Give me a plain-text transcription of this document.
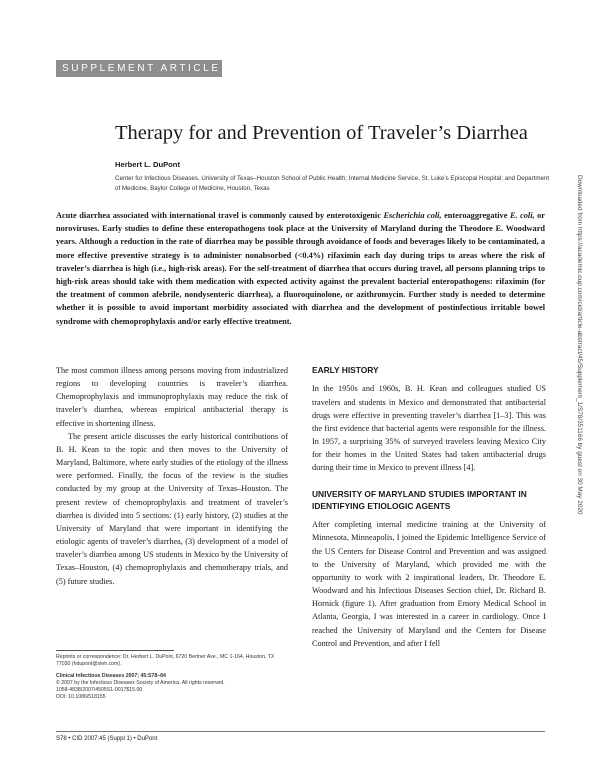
SUPPLEMENT ARTICLE
Therapy for and Prevention of Traveler’s Diarrhea
Herbert L. DuPont
Center for Infectious Diseases, University of Texas–Houston School of Public Health; Internal Medicine Service, St. Luke’s Episcopal Hospital; and Department of Medicine, Baylor College of Medicine, Houston, Texas
Acute diarrhea associated with international travel is commonly caused by enterotoxigenic Escherichia coli, enteroaggregative E. coli, or noroviruses. Early studies to define these enteropathogens took place at the University of Maryland during the Theodore E. Woodward years. Although a reduction in the rate of diarrhea may be possible through avoidance of foods and beverages likely to be contaminated, a more effective preventive strategy is to administer nonabsorbed (<0.4%) rifaximin each day during trips to areas where the risk of traveler’s diarrhea is high (i.e., high-risk areas). For the self-treatment of diarrhea that occurs during travel, all persons planning trips to high-risk areas should take with them medication with expected activity against the prevalent bacterial enteropathogens: rifaximin (for the treatment of common afebrile, nondysenteric diarrhea), a fluoroquinolone, or azithromycin. Further study is needed to determine whether it is possible to avoid important morbidity associated with diarrhea and the development of postinfectious irritable bowel syndrome with chemoprophylaxis and/or early effective treatment.

The most common illness among persons moving from industrialized regions to developing countries is traveler’s diarrhea. Chemoprophylaxis and immunoprophylaxis may reduce the risk of traveler’s diarrhea, whereas empirical antibacterial therapy is effective in shortening illness.

The present article discusses the early historical contributions of B. H. Kean to the topic and then moves to the University of Maryland, Baltimore, where early studies of the etiology of the illness were performed. Finally, the focus of the review is the studies conducted by my group at the University of Texas–Houston. The present review of chemoprophylaxis and treatment of traveler’s diarrhea is divided into 5 sections: (1) early history, (2) studies at the University of Maryland that were important in identifying the etiologic agents of traveler’s diarrhea, (3) development of a model of traveler’s diarrhea among US students in Mexico by the University of Texas–Houston, (4) chemoprophylaxis and chemotherapy trials, and (5) future studies.

EARLY HISTORY

In the 1950s and 1960s, B. H. Kean and colleagues studied US travelers and students in Mexico and demonstrated that antibacterial drugs were effective in preventing traveler’s diarrhea [1–3]. This was the first evidence that bacterial agents were responsible for the illness. In 1957, a surprising 35% of surveyed travelers leaving Mexico City for their homes in the United States had taken antibacterial drugs during their time in Mexico to prevent illness [4].

UNIVERSITY OF MARYLAND STUDIES IMPORTANT IN IDENTIFYING ETIOLOGIC AGENTS

After completing internal medicine training at the University of Minnesota, Minneapolis, I joined the Epidemic Intelligence Service of the US Centers for Disease Control and Prevention and was assigned to the University of Maryland, which provided me with the opportunity to work with 2 inspirational leaders, Dr. Theodore E. Woodward and his Infectious Diseases Section chief, Dr. Richard B. Hornick (figure 1). After graduation from Emory Medical School in Atlanta, Georgia, I was interested in a career in cardiology. Once I reached the University of Maryland and the Centers for Disease Control and Prevention, and after I fell

Reprints or correspondence: Dr. Herbert L. DuPont, 6720 Bertner Ave., MC 1-164, Houston, TX 77030 (hdupont@sleh.com).
Clinical Infectious Diseases 2007; 45:S78–84
© 2007 by the Infectious Diseases Society of America. All rights reserved.
1058-4838/2007/4505S1-0017$15.00
DOI: 10.1086/518155
S78 • CID 2007:45 (Suppl 1) • DuPont
Downloaded from https://academic.oup.com/cid/article-abstract/45/Supplement_1/S78/351166 by guest on 30 May 2020
